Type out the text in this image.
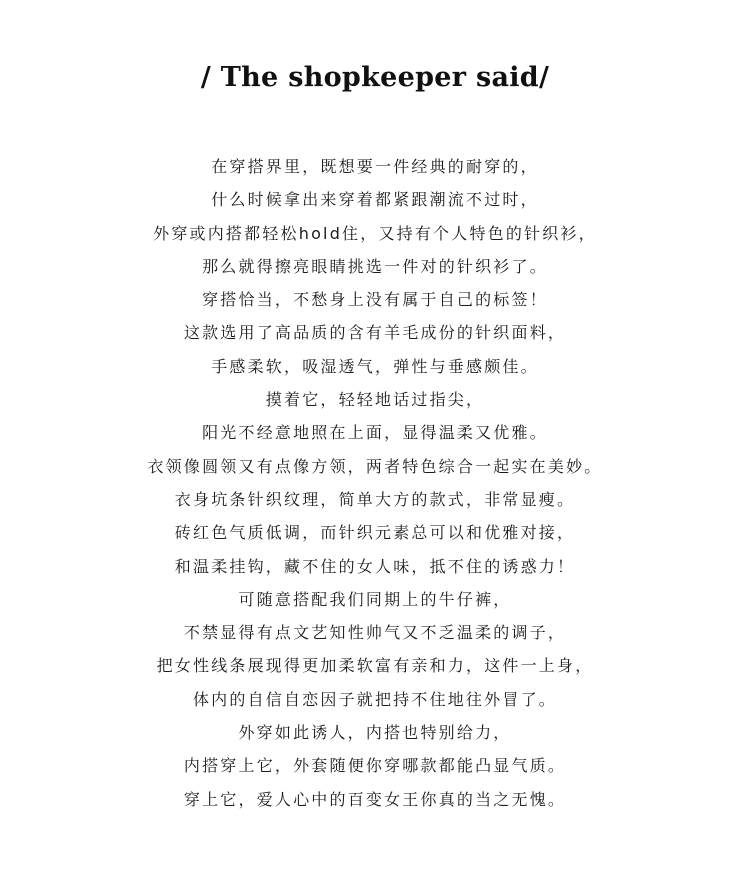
/ The shopkeeper said/
在穿搭界里，既想要一件经典的耐穿的，
什么时候拿出来穿着都紧跟潮流不过时，
外穿或内搭都轻松hold住，又持有个人特色的针织衫，
那么就得擦亮眼睛挑选一件对的针织衫了。
穿搭恰当，不愁身上没有属于自己的标签！
这款选用了高品质的含有羊毛成份的针织面料，
手感柔软，吸湿透气，弹性与垂感颇佳。
摸着它，轻轻地话过指尖，
阳光不经意地照在上面，显得温柔又优雅。
衣领像圆领又有点像方领，两者特色综合一起实在美妙。
衣身坑条针织纹理，简单大方的款式，非常显瘦。
砖红色气质低调，而针织元素总可以和优雅对接，
和温柔挂钩，藏不住的女人味，抵不住的诱惑力！
可随意搭配我们同期上的牛仔裤，
不禁显得有点文艺知性帅气又不乏温柔的调子，
把女性线条展现得更加柔软富有亲和力，这件一上身，
体内的自信自恋因子就把持不住地往外冒了。
外穿如此诱人，内搭也特别给力，
内搭穿上它，外套随便你穿哪款都能凸显气质。
穿上它，爱人心中的百变女王你真的当之无愧。
